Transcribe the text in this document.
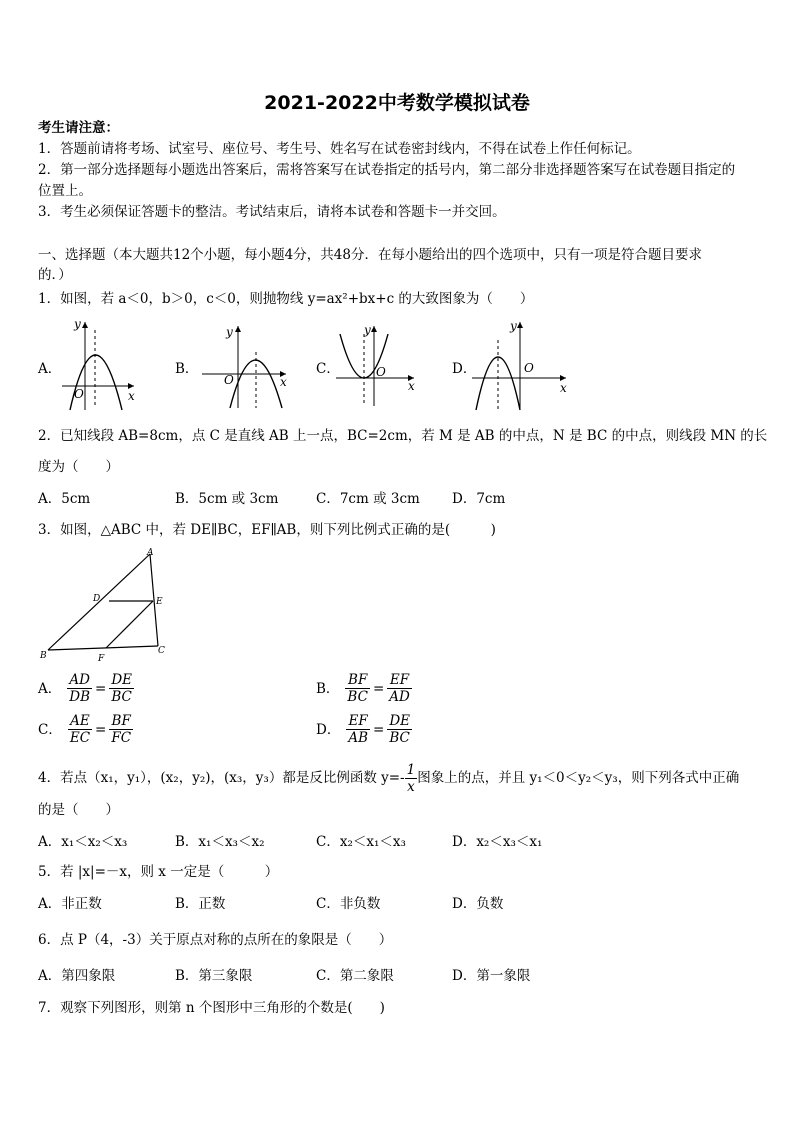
2021-2022中考数学模拟试卷
考生请注意：
1．答题前请将考场、试室号、座位号、考生号、姓名写在试卷密封线内，不得在试卷上作任何标记。
2．第一部分选择题每小题选出答案后，需将答案写在试卷指定的括号内，第二部分非选择题答案写在试卷题目指定的
位置上。
3．考生必须保证答题卡的整洁。考试结束后，请将本试卷和答题卡一并交回。
一、选择题（本大题共12个小题，每小题4分，共48分．在每小题给出的四个选项中，只有一项是符合题目要求
的．）
1．如图，若 a＜0，b＞0，c＜0，则抛物线 y=ax²+bx+c 的大致图象为（　　）
A．
y
x
O
B．
y
x
O
C．
y
x
O	D．
y
x
O
2．已知线段 AB=8cm，点 C 是直线 AB 上一点，BC=2cm，若 M 是 AB 的中点，N 是 BC 的中点，则线段 MN 的长
度为（　　）
A．5cm	B．5cm 或 3cm	C．7cm 或 3cm D．7cm
3．如图，△ABC 中，若 DE∥BC，EF∥AB，则下列比例式正确的是(　　　)
A
D	E
B	F
C
A． $\frac{AD}{DB} = \frac{DE}{BC}$	B． $\frac{BF}{BC} = \frac{EF}{AD}$
C． $\frac{AE}{EC} = \frac{BF}{FC}$	D． $\frac{EF}{AB} = \frac{DE}{BC}$
4．若点（x₁，y₁），(x₂，y₂)，(x₃，y₃）都是反比例函数 $y=- \frac{1}{x}$ 图象上的点，并且 y₁＜0＜y₂＜y₃，则下列各式中正确
的是（　　）
A．x₁＜x₂＜x₃	B．x₁＜x₃＜x₂	C．x₂＜x₁＜x₃	D．x₂＜x₃＜x₁
5．若 |x|=－x，则 x 一定是（　　　）
A．非正数	B．正数	C．非负数	D．负数
6．点 P（4，-3）关于原点对称的点所在的象限是（　　）
A．第四象限	B．第三象限	C．第二象限	D．第一象限
7．观察下列图形，则第 n 个图形中三角形的个数是(　　)
